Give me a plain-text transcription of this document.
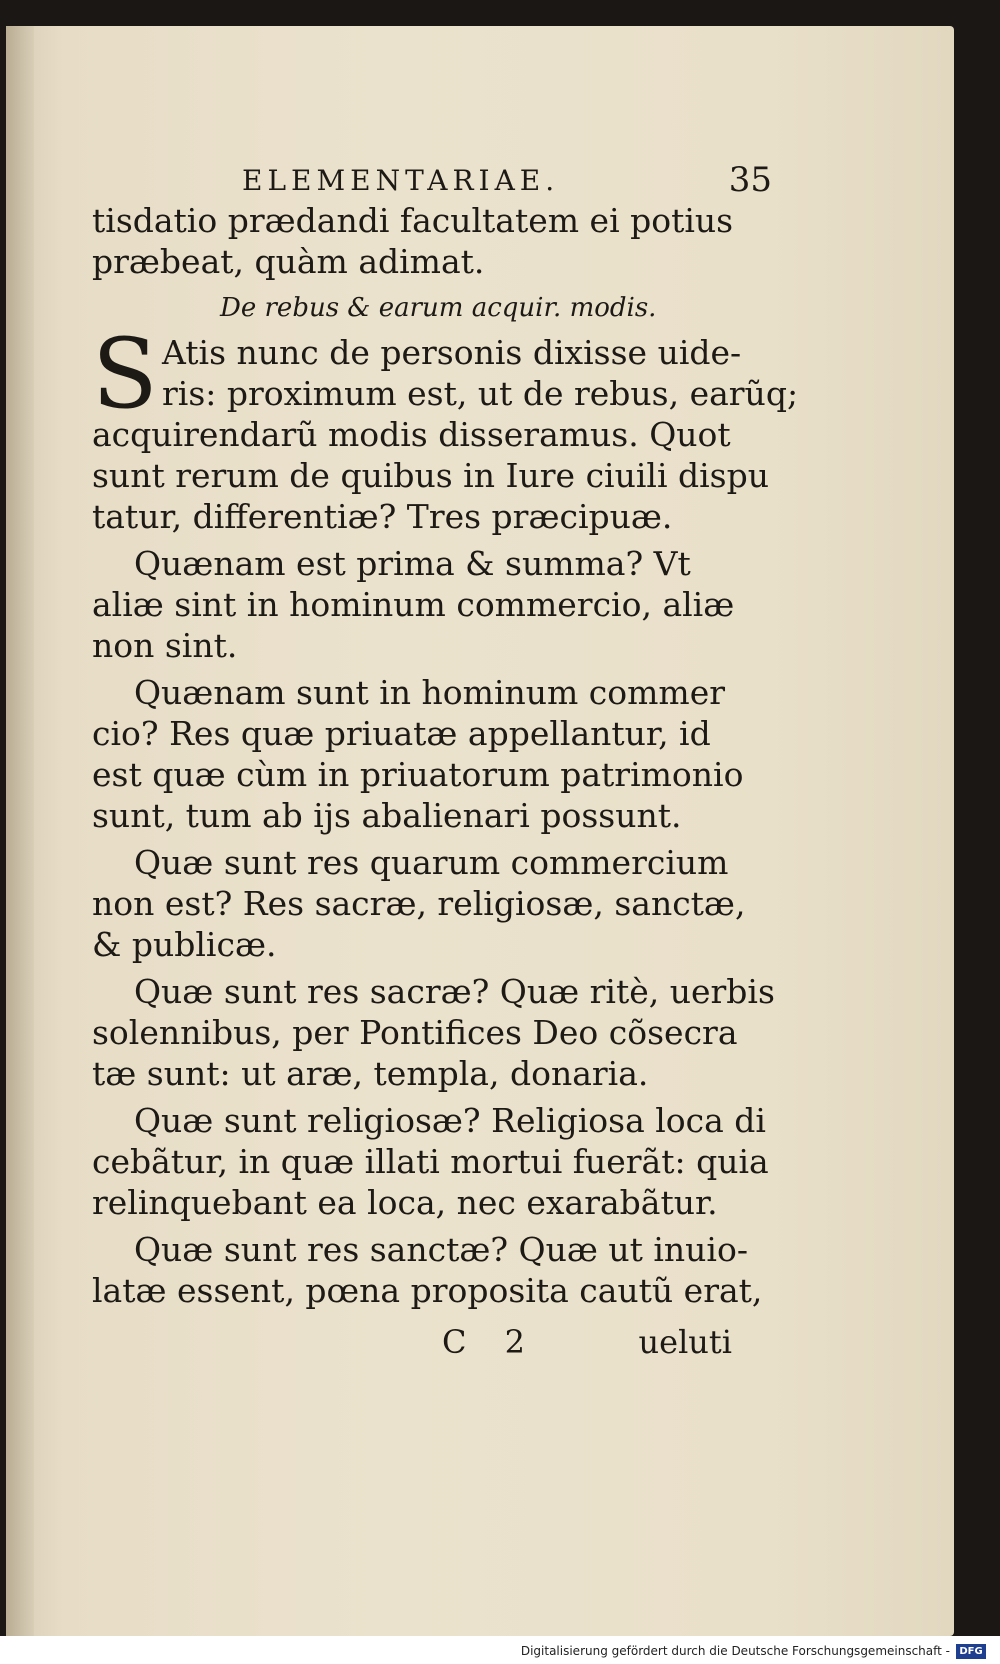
ELEMENTARIAE.	35
tisdatio prædandi facultatem ei potius
præbeat, quàm adimat.
De rebus & earum acquir. modis.
S Atis nunc de personis dixisse uide-
ris: proximum est, ut de rebus, earũq;
acquirendarũ modis disseramus. Quot
sunt rerum de quibus in Iure ciuili dispu
tatur, differentiæ? Tres præcipuæ.
Quænam est prima & summa? Vt
aliæ sint in hominum commercio, aliæ
non sint.
Quænam sunt in hominum commer
cio? Res quæ priuatæ appellantur, id
est quæ cùm in priuatorum patrimonio
sunt, tum ab ijs abalienari possunt.
Quæ sunt res quarum commercium
non est? Res sacræ, religiosæ, sanctæ,
& publicæ.
Quæ sunt res sacræ? Quæ ritè, uerbis
solennibus, per Pontifices Deo cõsecra
tæ sunt: ut aræ, templa, donaria.
Quæ sunt religiosæ? Religiosa loca di
cebãtur, in quæ illati mortui fuerãt: quia
relinquebant ea loca, nec exarabãtur.
Quæ sunt res sanctæ? Quæ ut inuio-
latæ essent, pœna proposita cautũ erat,
C 2	ueluti
Digitalisierung gefördert durch die Deutsche Forschungsgemeinschaft - DFG
